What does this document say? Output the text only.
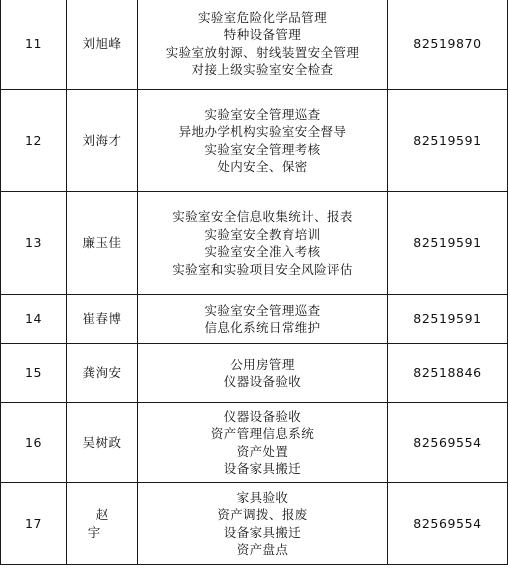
11	刘旭峰	实验室危险化学品管理
特种设备管理
实验室放射源、射线装置安全管理
对接上级实验室安全检查	82519870
12	刘海才	实验室安全管理巡查
异地办学机构实验室安全督导
实验室安全管理考核
处内安全、保密	82519591
13	廉玉佳	实验室安全信息收集统计、报表
实验室安全教育培训
实验室安全准入考核
实验室和实验项目安全风险评估	82519591
14	崔春博	实验室安全管理巡查
信息化系统日常维护	82519591
15	龚洵安	公用房管理
仪器设备验收	82518846
16	吴树政	仪器设备验收
资产管理信息系统
资产处置
设备家具搬迁	82569554
17	赵宇	家具验收
资产调拨、报废
设备家具搬迁
资产盘点	82569554
